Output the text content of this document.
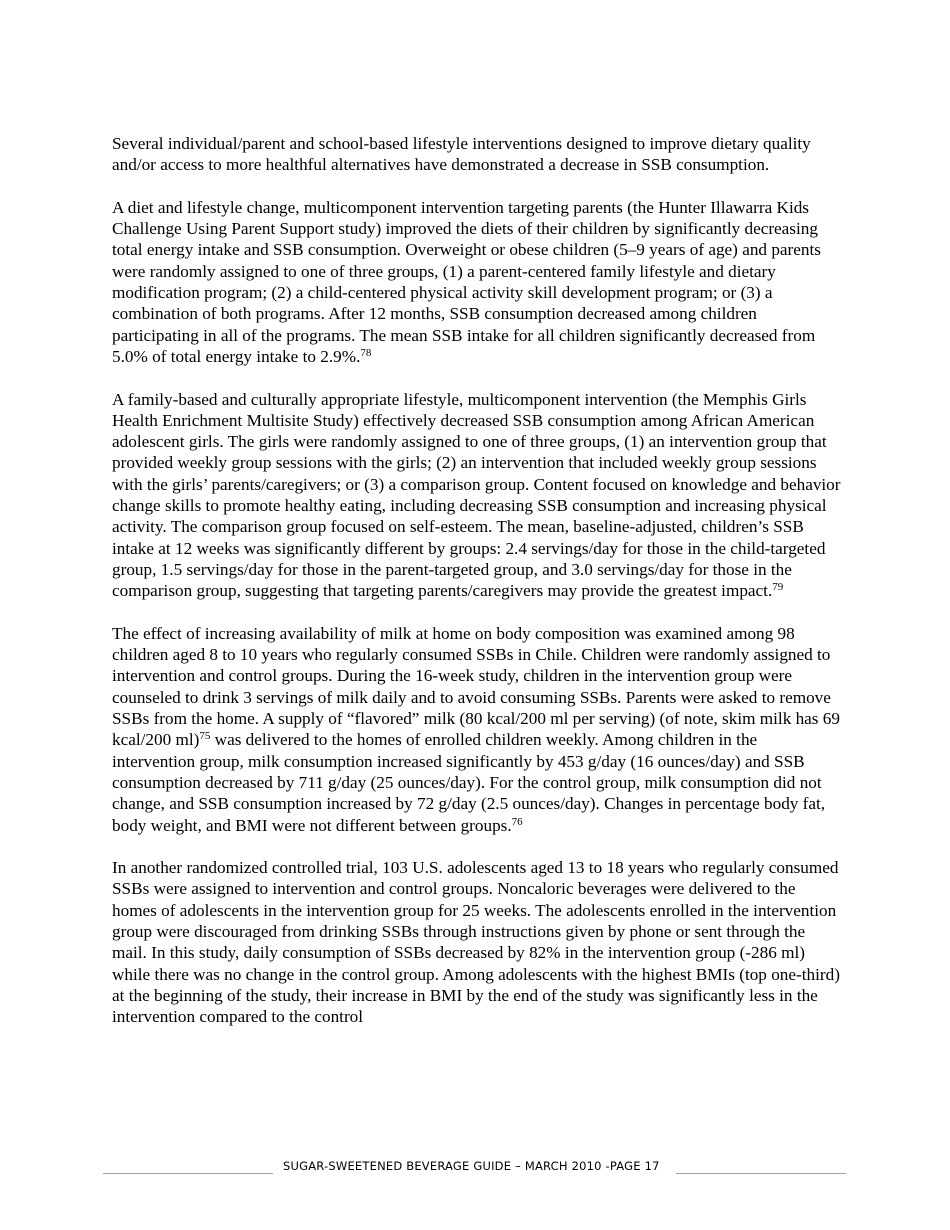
Several individual/parent and school-based lifestyle interventions designed to improve dietary quality and/or access to more healthful alternatives have demonstrated a decrease in SSB consumption.

A diet and lifestyle change, multicomponent intervention targeting parents (the Hunter Illawarra Kids Challenge Using Parent Support study) improved the diets of their children by significantly decreasing total energy intake and SSB consumption. Overweight or obese children (5–9 years of age) and parents were randomly assigned to one of three groups, (1) a parent-centered family lifestyle and dietary modification program; (2) a child-centered physical activity skill development program; or (3) a combination of both programs. After 12 months, SSB consumption decreased among children participating in all of the programs. The mean SSB intake for all children significantly decreased from 5.0% of total energy intake to 2.9%.$^{78}$

A family-based and culturally appropriate lifestyle, multicomponent intervention (the Memphis Girls Health Enrichment Multisite Study) effectively decreased SSB consumption among African American adolescent girls. The girls were randomly assigned to one of three groups, (1) an intervention group that provided weekly group sessions with the girls; (2) an intervention that included weekly group sessions with the girls’ parents/caregivers; or (3) a comparison group. Content focused on knowledge and behavior change skills to promote healthy eating, including decreasing SSB consumption and increasing physical activity. The comparison group focused on self-esteem. The mean, baseline-adjusted, children’s SSB intake at 12 weeks was significantly different by groups: 2.4 servings/day for those in the child-targeted group, 1.5 servings/day for those in the parent-targeted group, and 3.0 servings/day for those in the comparison group, suggesting that targeting parents/caregivers may provide the greatest impact.$^{79}$

The effect of increasing availability of milk at home on body composition was examined among 98 children aged 8 to 10 years who regularly consumed SSBs in Chile. Children were randomly assigned to intervention and control groups. During the 16-week study, children in the intervention group were counseled to drink 3 servings of milk daily and to avoid consuming SSBs. Parents were asked to remove SSBs from the home. A supply of “flavored” milk (80 kcal/200 ml per serving) (of note, skim milk has 69 kcal/200 ml)$^{75}$ was delivered to the homes of enrolled children weekly. Among children in the intervention group, milk consumption increased significantly by 453 g/day (16 ounces/day) and SSB consumption decreased by 711 g/day (25 ounces/day). For the control group, milk consumption did not change, and SSB consumption increased by 72 g/day (2.5 ounces/day). Changes in percentage body fat, body weight, and BMI were not different between groups.$^{76}$

In another randomized controlled trial, 103 U.S. adolescents aged 13 to 18 years who regularly consumed SSBs were assigned to intervention and control groups. Noncaloric beverages were delivered to the homes of adolescents in the intervention group for 25 weeks. The adolescents enrolled in the intervention group were discouraged from drinking SSBs through instructions given by phone or sent through the mail. In this study, daily consumption of SSBs decreased by 82% in the intervention group (-286 ml) while there was no change in the control group. Among adolescents with the highest BMIs (top one-third) at the beginning of the study, their increase in BMI by the end of the study was significantly less in the intervention compared to the control

SUGAR-SWEETENED BEVERAGE GUIDE – MARCH 2010 -PAGE 17
